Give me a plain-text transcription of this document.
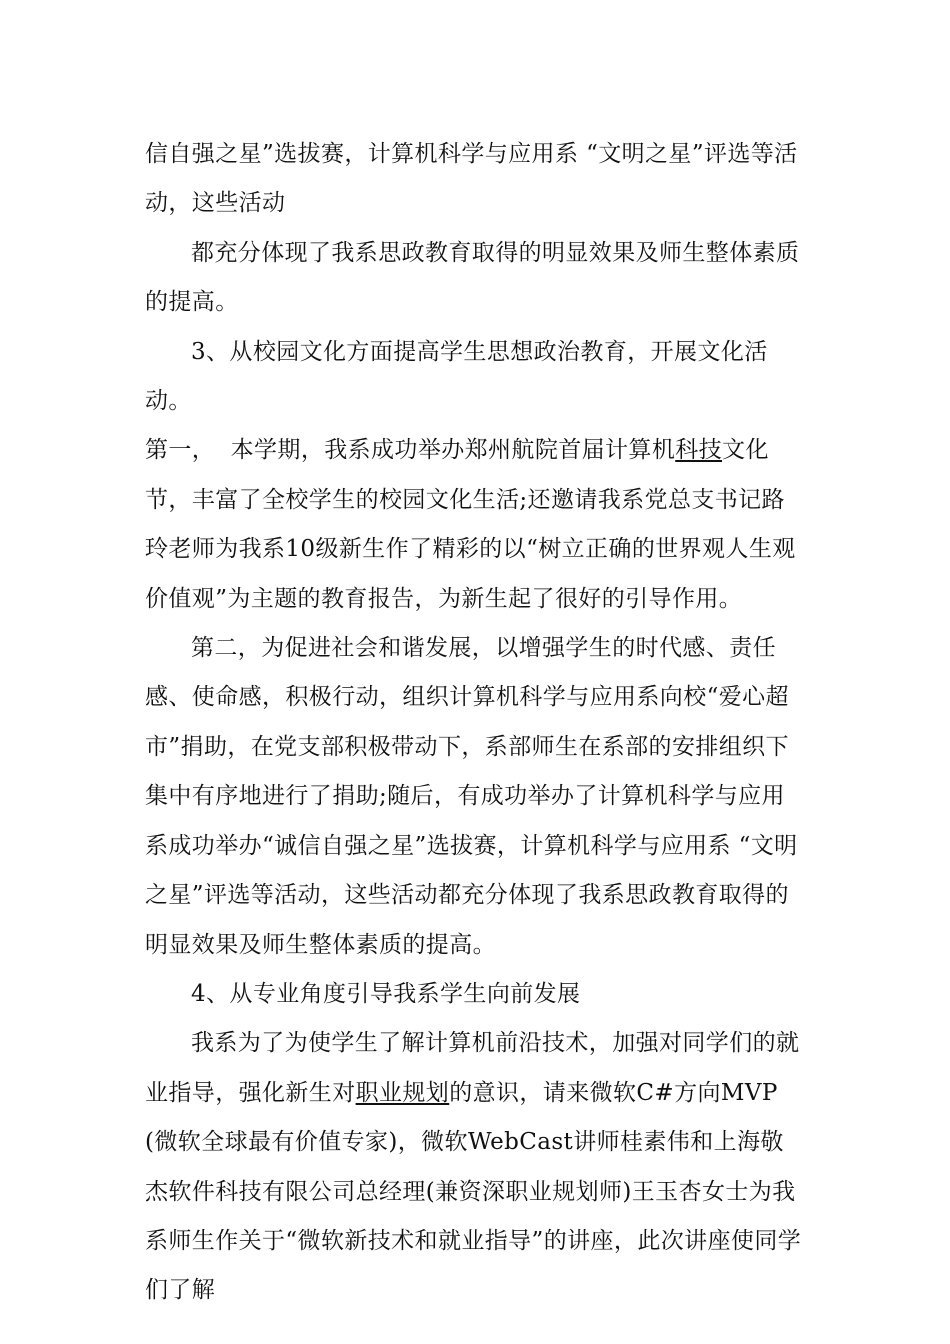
信自强之星”选拔赛，计算机科学与应用系 “文明之星”评选等活动，这些活动

都充分体现了我系思政教育取得的明显效果及师生整体素质的提高。

3、从校园文化方面提高学生思想政治教育，开展文化活动。

第一，  本学期，我系成功举办郑州航院首届计算机科技文化节，丰富了全校学生的校园文化生活;还邀请我系党总支书记路玲老师为我系10级新生作了精彩的以“树立正确的世界观人生观价值观”为主题的教育报告，为新生起了很好的引导作用。

第二，为促进社会和谐发展，以增强学生的时代感、责任感、使命感，积极行动，组织计算机科学与应用系向校“爱心超市”捐助，在党支部积极带动下，系部师生在系部的安排组织下集中有序地进行了捐助;随后，有成功举办了计算机科学与应用系成功举办“诚信自强之星”选拔赛，计算机科学与应用系 “文明之星”评选等活动，这些活动都充分体现了我系思政教育取得的明显效果及师生整体素质的提高。

4、从专业角度引导我系学生向前发展

我系为了为使学生了解计算机前沿技术，加强对同学们的就业指导，强化新生对职业规划的意识，请来微软C#方向MVP(微软全球最有价值专家)，微软WebCast讲师桂素伟和上海敬杰软件科技有限公司总经理(兼资深职业规划师)王玉杏女士为我系师生作关于“微软新技术和就业指导”的讲座，此次讲座使同学们了解
